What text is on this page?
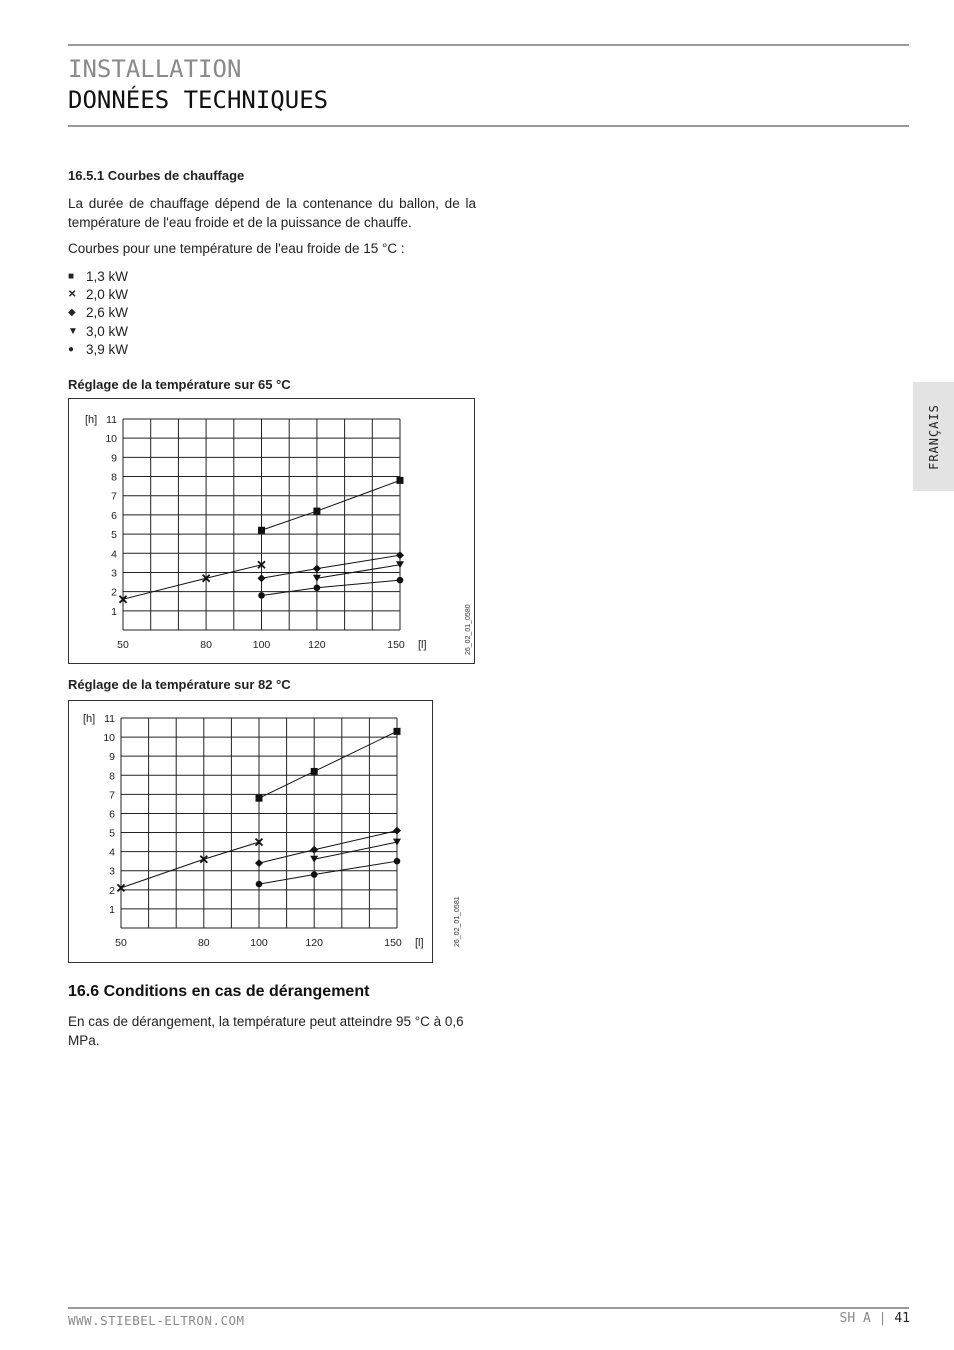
INSTALLATION
DONNÉES TECHNIQUES
16.5.1 Courbes de chauffage
La durée de chauffage dépend de la contenance du ballon, de la température de l'eau froide et de la puissance de chauffe.
Courbes pour une température de l'eau froide de 15 °C :
■ 1,3 kW
✕ 2,0 kW
◆ 2,6 kW
▼ 3,0 kW
● 3,9 kW
Réglage de la température sur 65 °C
1
2
3
4
5
6
7
8
9
10
11
50	80	100	120	150
[h]
[l]	26_02_01_0580
Réglage de la température sur 82 °C
1
2
3
4
5
6
7
8
9
10
11
50	80	100	120	150
[h]
[l]	26_02_01_0581
16.6 Conditions en cas de dérangement
En cas de dérangement, la température peut atteindre 95 °C à 0,6 MPa.
FRANÇAIS
WWW.STIEBEL-ELTRON.COM	SH A | 41
